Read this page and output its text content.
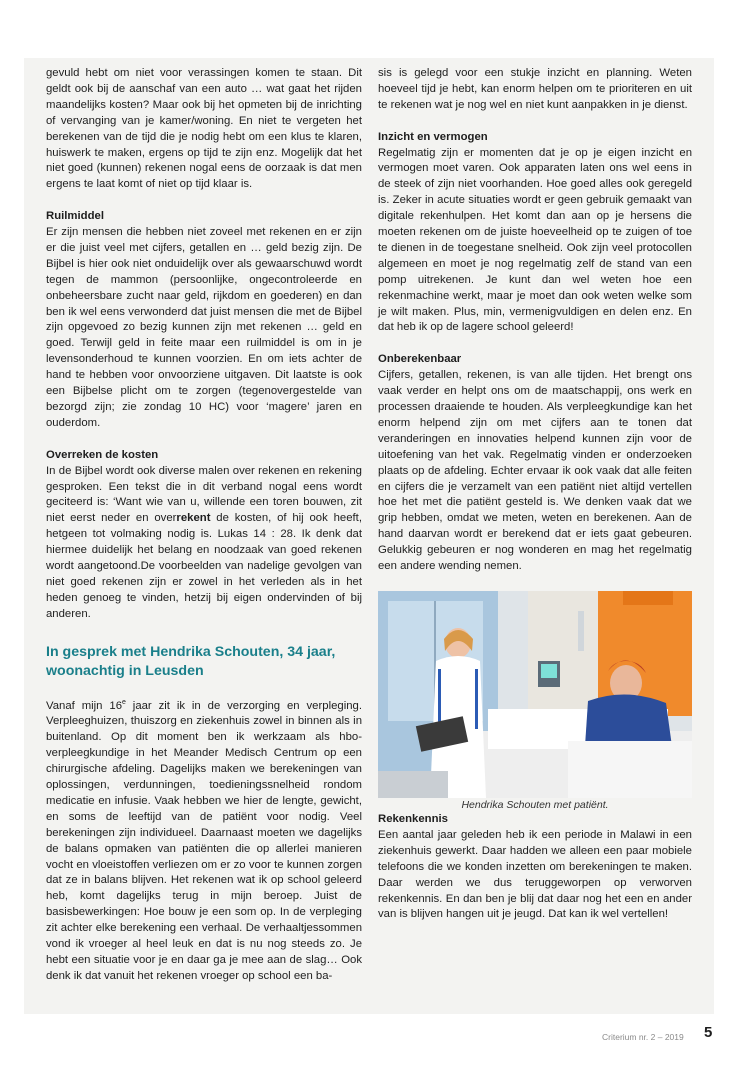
gevuld hebt om niet voor verassingen komen te staan. Dit geldt ook bij de aanschaf van een auto … wat gaat het rijden maandelijks kosten? Maar ook bij het opmeten bij de inrichting of vervanging van je kamer/woning. En niet te vergeten het berekenen van de tijd die je nodig hebt om een klus te klaren, huiswerk te maken, ergens op tijd te zijn enz. Mogelijk dat het niet goed (kunnen) rekenen nogal eens de oorzaak is dat men ergens te laat komt of niet op tijd klaar is.

Ruilmiddel

Er zijn mensen die hebben niet zoveel met rekenen en er zijn er die juist veel met cijfers, getallen en … geld bezig zijn. De Bijbel is hier ook niet onduidelijk over als gewaarschuwd wordt tegen de mammon (persoonlijke, ongecontroleerde en onbeheersbare zucht naar geld, rijkdom en goederen) en dan ben ik wel eens verwonderd dat juist mensen die met de Bijbel zijn opgevoed zo bezig kunnen zijn met rekenen … geld en goed. Terwijl geld in feite maar een ruilmiddel is om in je levensonderhoud te kunnen voorzien. En om iets achter de hand te hebben voor onvoorziene uitgaven. Dit laatste is ook een Bijbelse plicht om te zorgen (tegenovergestelde van bezorgd zijn; zie zondag 10 HC) voor ‘magere’ jaren en ouderdom.

Overreken de kosten

In de Bijbel wordt ook diverse malen over rekenen en rekening gesproken. Een tekst die in dit verband nogal eens wordt geciteerd is: ‘Want wie van u, willende een toren bouwen, zit niet eerst neder en overrekent de kosten, of hij ook heeft, hetgeen tot volmaking nodig is. Lukas 14 : 28. Ik denk dat hiermee duidelijk het belang en noodzaak van goed rekenen wordt aangetoond.De voorbeelden van nadelige gevolgen van niet goed rekenen zijn er zowel in het verleden als in het heden genoeg te vinden, hetzij bij eigen ondervinden of bij anderen.

In gesprek met Hendrika Schouten, 34 jaar, woonachtig in Leusden

Vanaf mijn 16e jaar zit ik in de verzorging en verpleging. Verpleeghuizen, thuiszorg en ziekenhuis zowel in binnen als in buitenland. Op dit moment ben ik werkzaam als hbo-verpleegkundige in het Meander Medisch Centrum op een chirurgische afdeling. Dagelijks maken we berekeningen van oplossingen, verdunningen, toedieningssnelheid rondom medicatie en infusie. Vaak hebben we hier de lengte, gewicht, en soms de leeftijd van de patiënt voor nodig. Veel berekeningen zijn individueel. Daarnaast moeten we dagelijks de balans opmaken van patiënten die op allerlei manieren vocht en vloeistoffen verliezen om er zo voor te kunnen zorgen dat ze in balans blijven. Het rekenen wat ik op school geleerd heb, komt dagelijks terug in mijn beroep. Juist de basisbewerkingen: Hoe bouw je een som op. In de verpleging zit achter elke berekening een verhaal. De verhaaltjessommen vond ik vroeger al heel leuk en dat is nu nog steeds zo. Je hebt een situatie voor je en daar ga je mee aan de slag… Ook denk ik dat vanuit het rekenen vroeger op school een ba-

sis is gelegd voor een stukje inzicht en planning. Weten hoeveel tijd je hebt, kan enorm helpen om te prioriteren en uit te rekenen wat je nog wel en niet kunt aanpakken in je dienst.

Inzicht en vermogen

Regelmatig zijn er momenten dat je op je eigen inzicht en vermogen moet varen. Ook apparaten laten ons wel eens in de steek of zijn niet voorhanden. Hoe goed alles ook geregeld is. Zeker in acute situaties wordt er geen gebruik gemaakt van digitale rekenhulpen. Het komt dan aan op je hersens die moeten rekenen om de juiste hoeveelheid op te zuigen of toe te dienen in de toegestane snelheid. Ook zijn veel protocollen algemeen en moet je nog regelmatig zelf de stand van een pomp uitrekenen. Je kunt dan wel weten hoe een rekenmachine werkt, maar je moet dan ook weten welke som je wilt maken. Plus, min, vermenigvuldigen en delen enz. En dat heb ik op de lagere school geleerd!

Onberekenbaar

Cijfers, getallen, rekenen, is van alle tijden. Het brengt ons vaak verder en helpt ons om de maatschappij, ons werk en processen draaiende te houden. Als verpleegkundige kan het enorm helpend zijn om met cijfers aan te tonen dat veranderingen en innovaties helpend kunnen zijn voor de uitoefening van het vak. Regelmatig vinden er onderzoeken plaats op de afdeling. Echter ervaar ik ook vaak dat alle feiten en cijfers die je verzamelt van een patiënt niet altijd vertellen hoe het met die patiënt gesteld is. We denken vaak dat we grip hebben, omdat we meten, weten en berekenen. Aan de hand daarvan wordt er berekend dat er iets gaat gebeuren. Gelukkig gebeuren er nog wonderen en mag het regelmatig een andere wending nemen.

Hendrika Schouten met patiënt.

Rekenkennis

Een aantal jaar geleden heb ik een periode in Malawi in een ziekenhuis gewerkt. Daar hadden we alleen een paar mobiele telefoons die we konden inzetten om berekeningen te maken. Daar werden we dus teruggeworpen op verworven rekenkennis. En dan ben je blij dat daar nog het een en ander van is blijven hangen uit je jeugd. Dat kan ik wel vertellen!

Criterium nr. 2 – 2019 5
